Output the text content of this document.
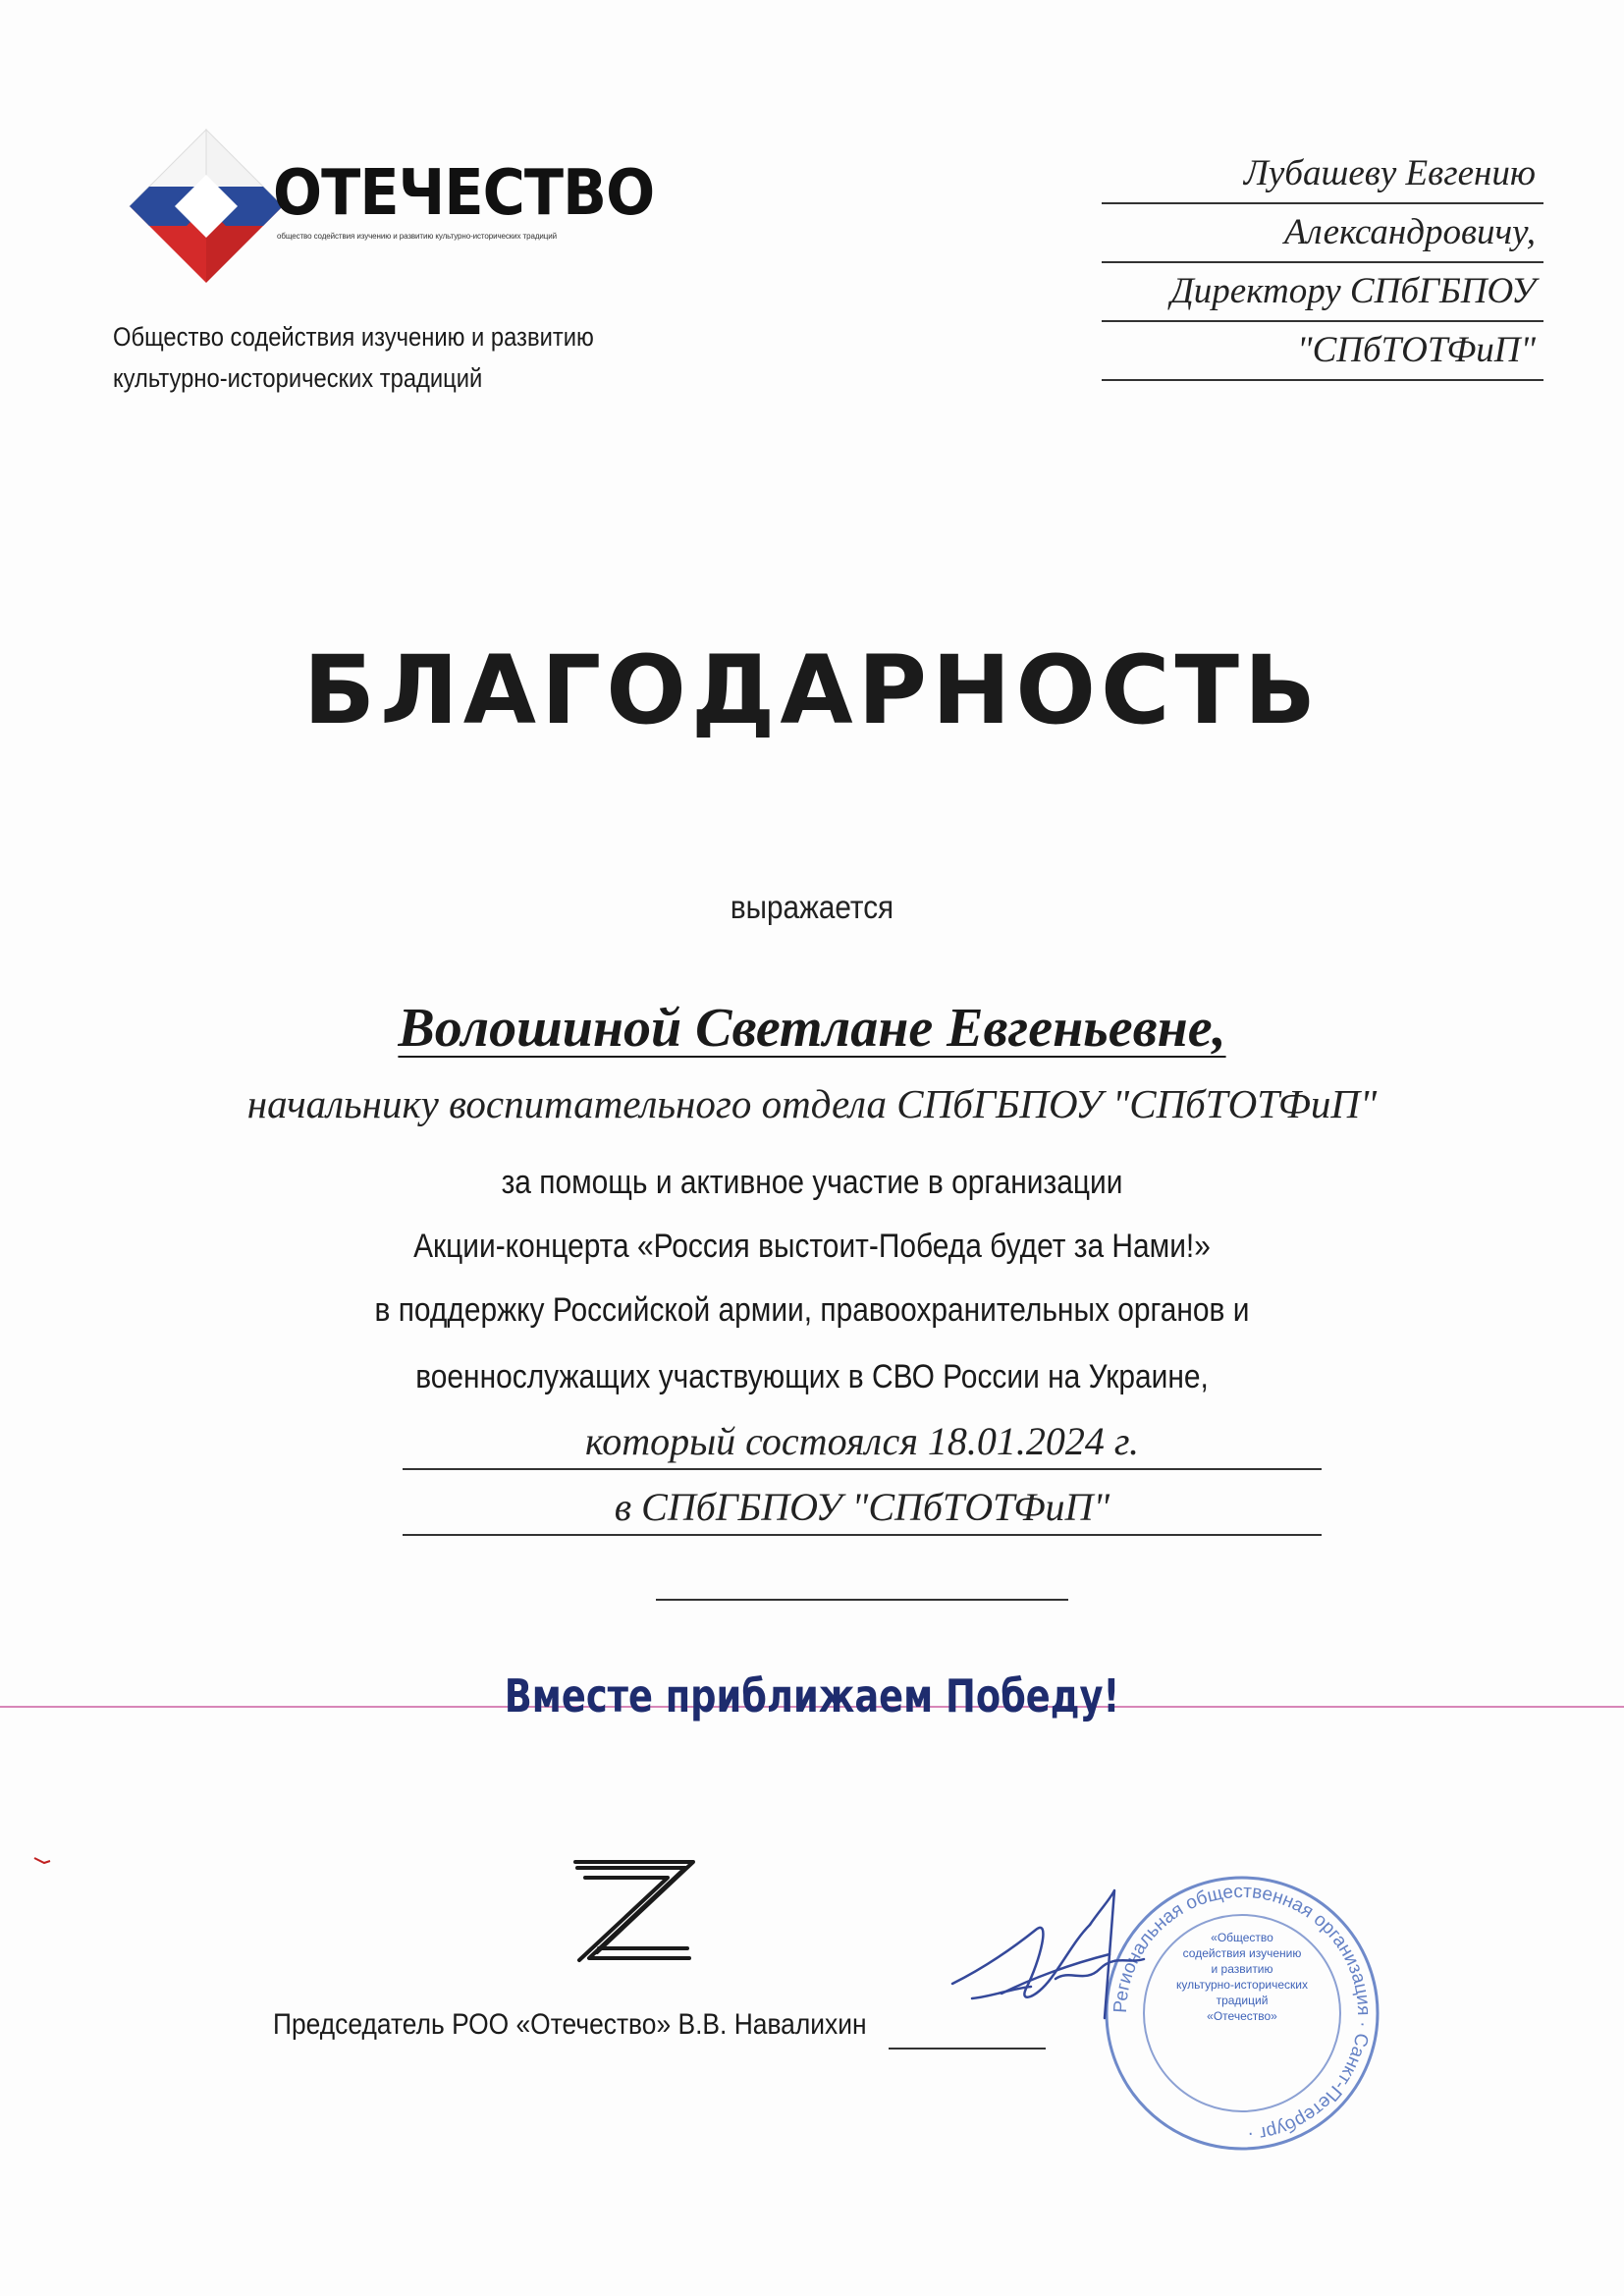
ОТЕЧЕСТВО
общество содействия изучению и развитию культурно-исторических традиций
Общество содействия изучению и развитию
культурно-исторических традиций
Лубашеву Евгению
Александровичу,
Директору СПбГБПОУ
"СПбТОТФиП"
БЛАГОДАРНОСТЬ
выражается
Волошиной Светлане Евгеньевне,
начальнику воспитательного отдела СПбГБПОУ "СПбТОТФиП"
за помощь и активное участие в организации
Акции-концерта «Россия выстоит-Победа будет за Нами!»
в поддержку Российской армии, правоохранительных органов и
военнослужащих участвующих в СВО России на Украине,
который состоялся 18.01.2024 г.
в СПбГБПОУ "СПбТОТФиП"
Вместе приближаем Победу!
Председатель РОО «Отечество» В.В. Навалихин
Региональная общественная организация · Санкт-Петербург ·
«Общество
содействия изучению
и развитию
культурно-исторических
традиций
«Отечество»
